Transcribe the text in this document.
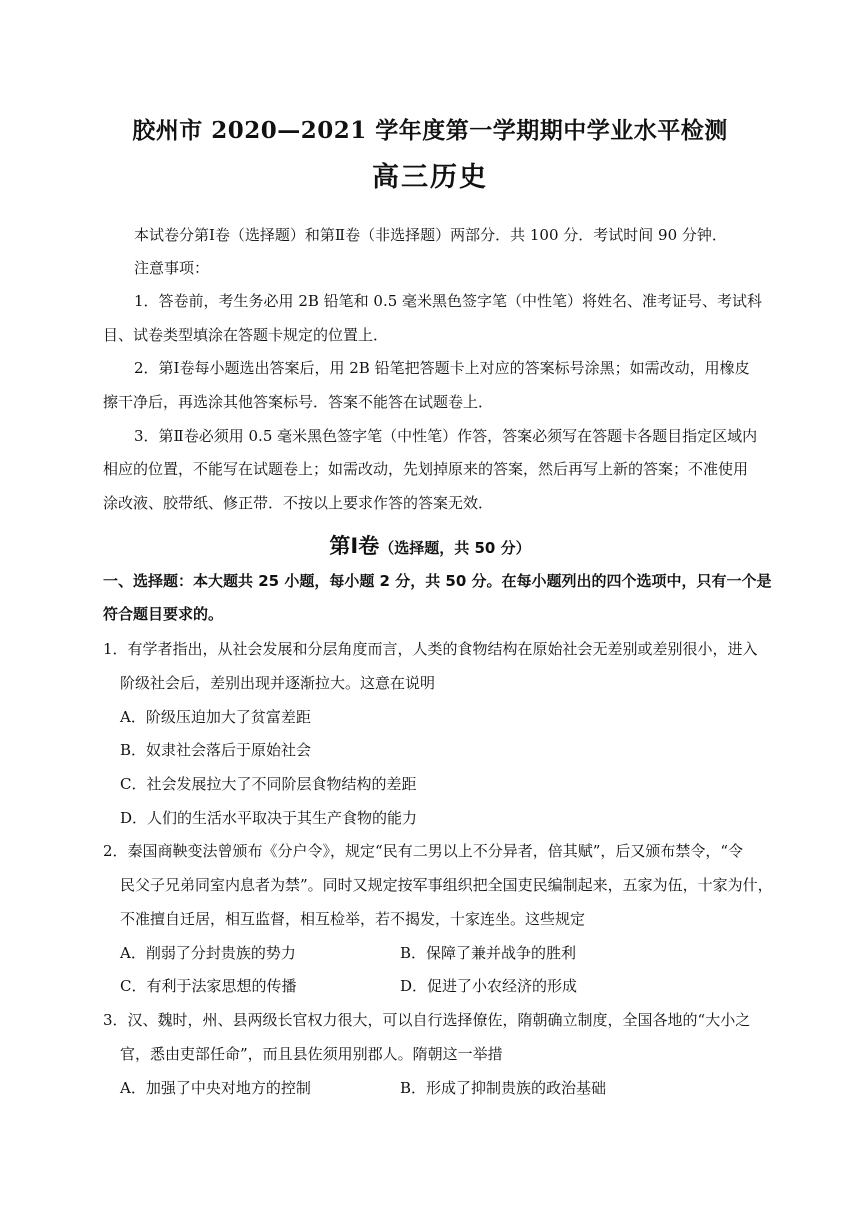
胶州市 2020—2021 学年度第一学期期中学业水平检测
高三历史
本试卷分第Ⅰ卷（选择题）和第Ⅱ卷（非选择题）两部分．共 100 分．考试时间 90 分钟．
注意事项：
1．答卷前，考生务必用 2B 铅笔和 0.5 毫米黑色签字笔（中性笔）将姓名、准考证号、考试科
目、试卷类型填涂在答题卡规定的位置上．
2．第Ⅰ卷每小题选出答案后，用 2B 铅笔把答题卡上对应的答案标号涂黑；如需改动，用橡皮
擦干净后，再选涂其他答案标号．答案不能答在试题卷上．
3．第Ⅱ卷必须用 0.5 毫米黑色签字笔（中性笔）作答，答案必须写在答题卡各题目指定区域内
相应的位置，不能写在试题卷上；如需改动，先划掉原来的答案，然后再写上新的答案；不准使用
涂改液、胶带纸、修正带．不按以上要求作答的答案无效．
第Ⅰ卷（选择题，共 50 分）
一、选择题：本大题共 25 小题，每小题 2 分，共 50 分。在每小题列出的四个选项中，只有一个是
符合题目要求的。
1．有学者指出，从社会发展和分层角度而言，人类的食物结构在原始社会无差别或差别很小，进入
阶级社会后，差别出现并逐渐拉大。这意在说明
A．阶级压迫加大了贫富差距
B．奴隶社会落后于原始社会
C．社会发展拉大了不同阶层食物结构的差距
D．人们的生活水平取决于其生产食物的能力
2．秦国商鞅变法曾颁布《分户令》，规定“民有二男以上不分异者，倍其赋”，后又颁布禁令，“令
民父子兄弟同室内息者为禁”。同时又规定按军事组织把全国吏民编制起来，五家为伍，十家为什，
不准擅自迁居，相互监督，相互检举，若不揭发，十家连坐。这些规定
A．削弱了分封贵族的势力	B．保障了兼并战争的胜利
C．有利于法家思想的传播	D．促进了小农经济的形成
3．汉、魏时，州、县两级长官权力很大，可以自行选择僚佐，隋朝确立制度，全国各地的“大小之
官，悉由吏部任命”，而且县佐须用别郡人。隋朝这一举措
A．加强了中央对地方的控制	B．形成了抑制贵族的政治基础
